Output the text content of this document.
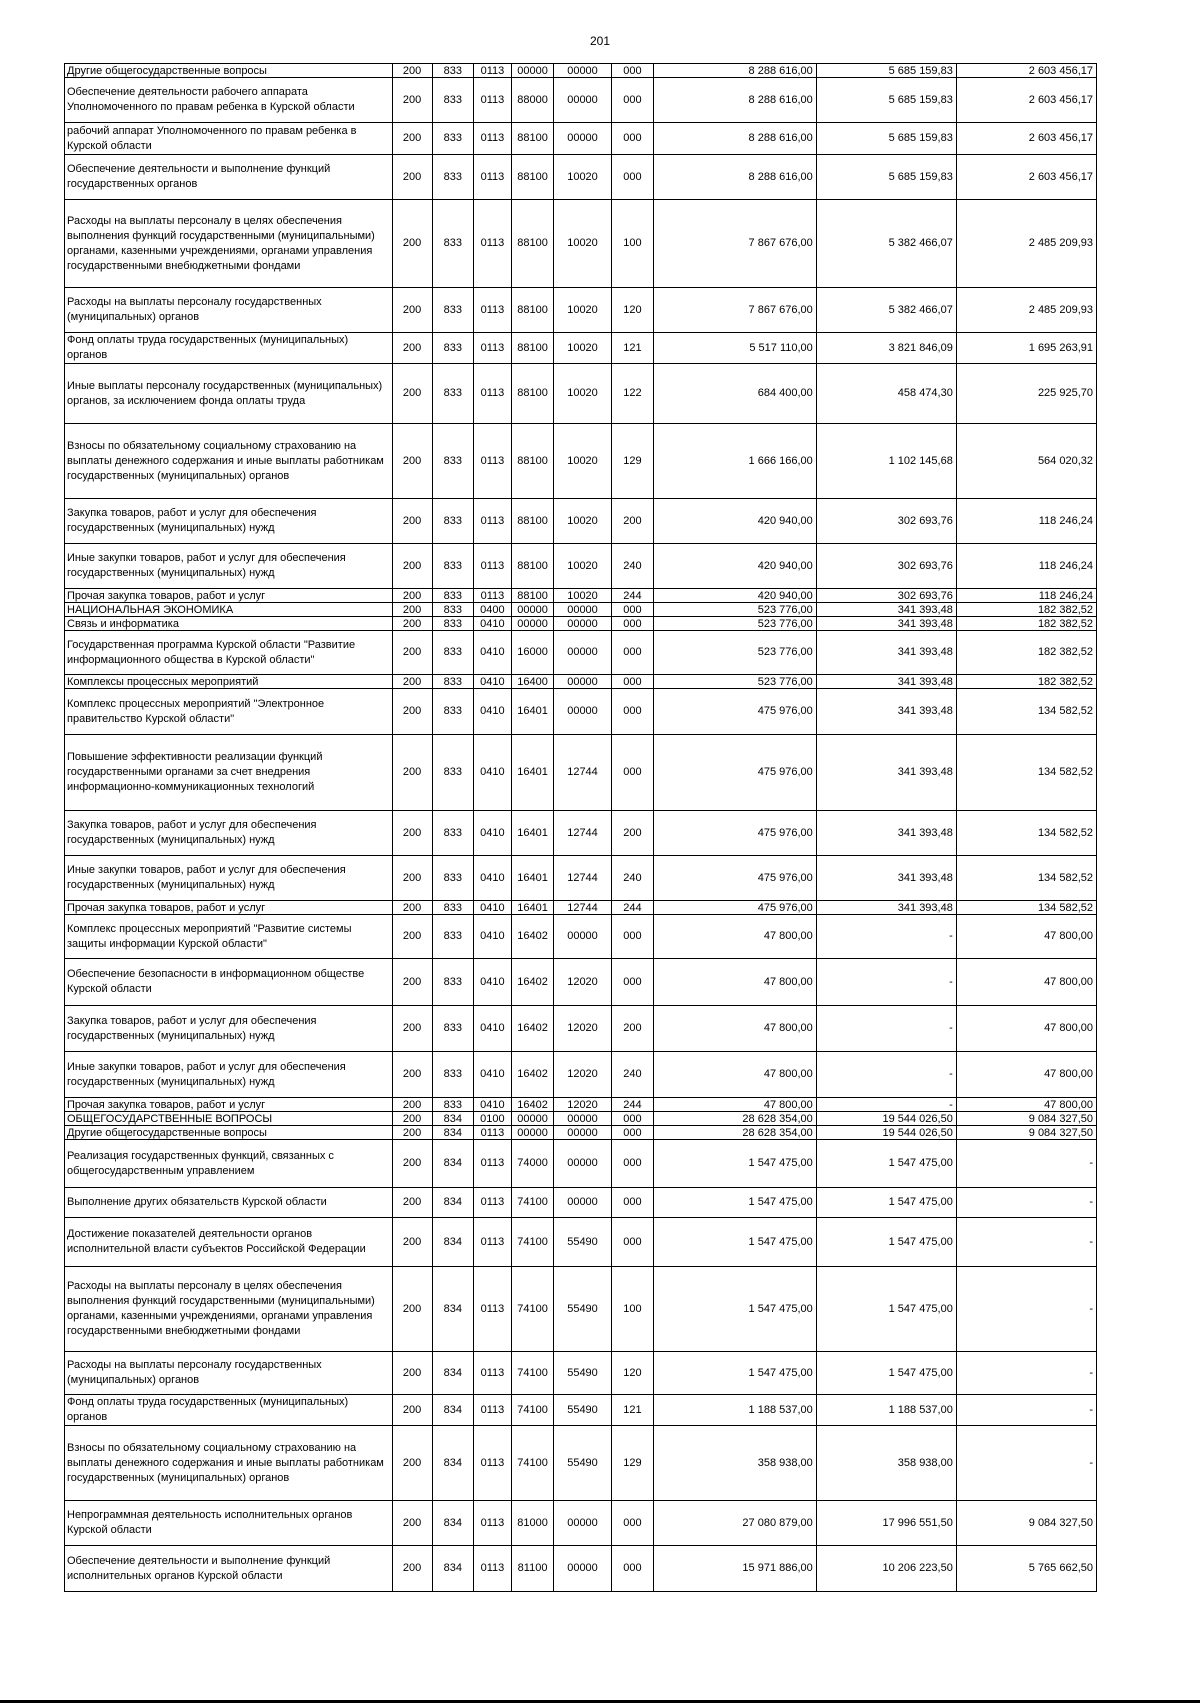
201
Другие общегосударственные вопросы	200	833	0113	00000	00000	000	8 288 616,00	5 685 159,83	2 603 456,17
Обеспечение деятельности рабочего аппарата Уполномоченного по правам ребенка в Курской области	200	833	0113	88000	00000	000	8 288 616,00	5 685 159,83	2 603 456,17
рабочий аппарат Уполномоченного по правам ребенка в Курской области	200	833	0113	88100	00000	000	8 288 616,00	5 685 159,83	2 603 456,17
Обеспечение деятельности и выполнение функций государственных органов	200	833	0113	88100	10020	000	8 288 616,00	5 685 159,83	2 603 456,17
Расходы на выплаты персоналу в целях обеспечения выполнения функций государственными (муниципальными) органами, казенными учреждениями, органами управления государственными внебюджетными фондами	200	833	0113	88100	10020	100	7 867 676,00	5 382 466,07	2 485 209,93
Расходы на выплаты персоналу государственных (муниципальных) органов	200	833	0113	88100	10020	120	7 867 676,00	5 382 466,07	2 485 209,93
Фонд оплаты труда государственных (муниципальных) органов	200	833	0113	88100	10020	121	5 517 110,00	3 821 846,09	1 695 263,91
Иные выплаты персоналу государственных (муниципальных) органов, за исключением фонда оплаты труда	200	833	0113	88100	10020	122	684 400,00	458 474,30	225 925,70
Взносы по обязательному социальному страхованию на выплаты денежного содержания и иные выплаты работникам государственных (муниципальных) органов	200	833	0113	88100	10020	129	1 666 166,00	1 102 145,68	564 020,32
Закупка товаров, работ и услуг для обеспечения государственных (муниципальных) нужд	200	833	0113	88100	10020	200	420 940,00	302 693,76	118 246,24
Иные закупки товаров, работ и услуг для обеспечения государственных (муниципальных) нужд	200	833	0113	88100	10020	240	420 940,00	302 693,76	118 246,24
Прочая закупка товаров, работ и услуг	200	833	0113	88100	10020	244	420 940,00	302 693,76	118 246,24
НАЦИОНАЛЬНАЯ ЭКОНОМИКА	200	833	0400	00000	00000	000	523 776,00	341 393,48	182 382,52
Связь и информатика	200	833	0410	00000	00000	000	523 776,00	341 393,48	182 382,52
Государственная программа Курской области "Развитие информационного общества в Курской области"	200	833	0410	16000	00000	000	523 776,00	341 393,48	182 382,52
Комплексы процессных мероприятий	200	833	0410	16400	00000	000	523 776,00	341 393,48	182 382,52
Комплекс процессных мероприятий "Электронное правительство Курской области"	200	833	0410	16401	00000	000	475 976,00	341 393,48	134 582,52
Повышение эффективности реализации функций государственными органами за счет внедрения информационно-коммуникационных технологий	200	833	0410	16401	12744	000	475 976,00	341 393,48	134 582,52
Закупка товаров, работ и услуг для обеспечения государственных (муниципальных) нужд	200	833	0410	16401	12744	200	475 976,00	341 393,48	134 582,52
Иные закупки товаров, работ и услуг для обеспечения государственных (муниципальных) нужд	200	833	0410	16401	12744	240	475 976,00	341 393,48	134 582,52
Прочая закупка товаров, работ и услуг	200	833	0410	16401	12744	244	475 976,00	341 393,48	134 582,52
Комплекс процессных мероприятий "Развитие системы защиты информации Курской области"	200	833	0410	16402	00000	000	47 800,00	-	47 800,00
Обеспечение безопасности в информационном обществе Курской области	200	833	0410	16402	12020	000	47 800,00	-	47 800,00
Закупка товаров, работ и услуг для обеспечения государственных (муниципальных) нужд	200	833	0410	16402	12020	200	47 800,00	-	47 800,00
Иные закупки товаров, работ и услуг для обеспечения государственных (муниципальных) нужд	200	833	0410	16402	12020	240	47 800,00	-	47 800,00
Прочая закупка товаров, работ и услуг	200	833	0410	16402	12020	244	47 800,00	-	47 800,00
ОБЩЕГОСУДАРСТВЕННЫЕ ВОПРОСЫ	200	834	0100	00000	00000	000	28 628 354,00	19 544 026,50	9 084 327,50
Другие общегосударственные вопросы	200	834	0113	00000	00000	000	28 628 354,00	19 544 026,50	9 084 327,50
Реализация государственных функций, связанных с общегосударственным управлением	200	834	0113	74000	00000	000	1 547 475,00	1 547 475,00	-
Выполнение других обязательств Курской области	200	834	0113	74100	00000	000	1 547 475,00	1 547 475,00	-
Достижение показателей деятельности органов исполнительной власти субъектов Российской Федерации	200	834	0113	74100	55490	000	1 547 475,00	1 547 475,00	-
Расходы на выплаты персоналу в целях обеспечения выполнения функций государственными (муниципальными) органами, казенными учреждениями, органами управления государственными внебюджетными фондами	200	834	0113	74100	55490	100	1 547 475,00	1 547 475,00	-
Расходы на выплаты персоналу государственных (муниципальных) органов	200	834	0113	74100	55490	120	1 547 475,00	1 547 475,00	-
Фонд оплаты труда государственных (муниципальных) органов	200	834	0113	74100	55490	121	1 188 537,00	1 188 537,00	-
Взносы по обязательному социальному страхованию на выплаты денежного содержания и иные выплаты работникам государственных (муниципальных) органов	200	834	0113	74100	55490	129	358 938,00	358 938,00	-
Непрограммная деятельность исполнительных органов Курской области	200	834	0113	81000	00000	000	27 080 879,00	17 996 551,50	9 084 327,50
Обеспечение деятельности и выполнение функций исполнительных органов Курской области	200	834	0113	81100	00000	000	15 971 886,00	10 206 223,50	5 765 662,50
